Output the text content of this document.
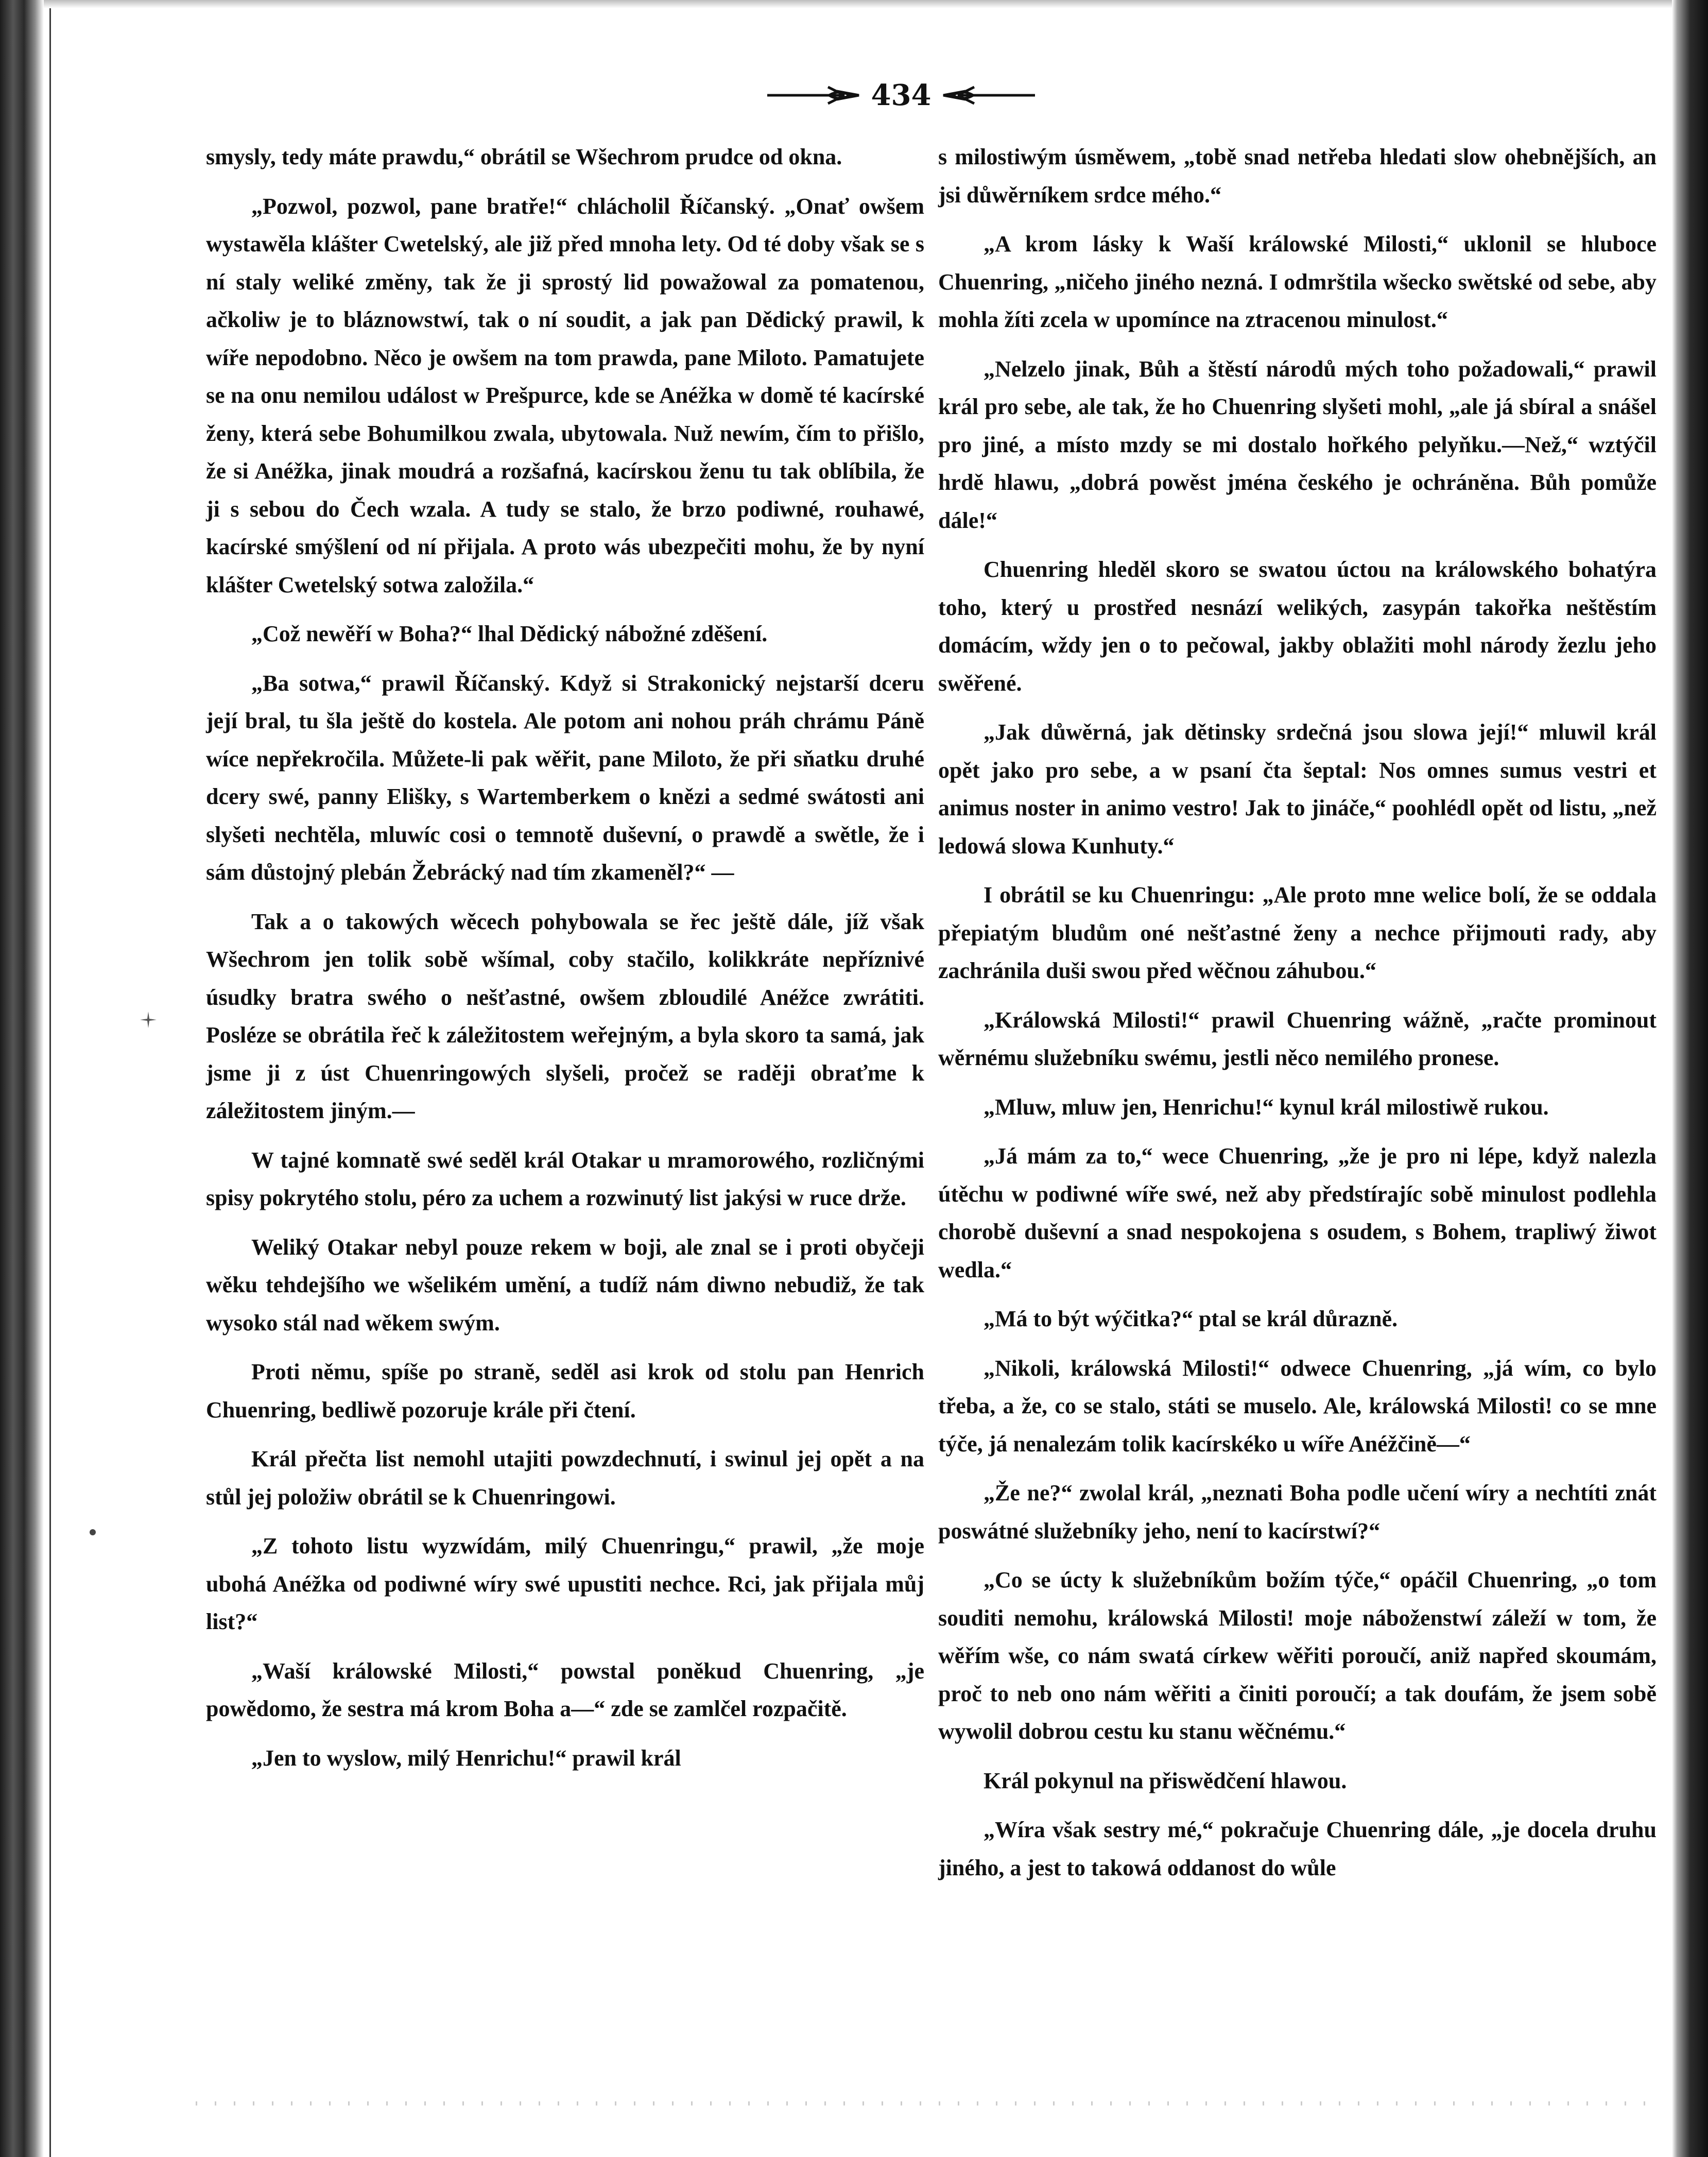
434

smysly, tedy máte prawdu,“ obrátil se Wšechrom prudce od okna.

„Pozwol, pozwol, pane bratře!“ chlácholil Říčanský. „Onať owšem wystawěla klášter Cwetelský, ale již před mnoha lety. Od té doby však se s ní staly weliké změny, tak že ji sprostý lid powažowal za pomatenou, ačkoliw je to bláznowstwí, tak o ní soudit, a jak pan Dědický prawil, k wíře nepodobno. Něco je owšem na tom prawda, pane Miloto. Pamatujete se na onu nemilou událost w Prešpurce, kde se Anéžka w domě té kacírské ženy, která sebe Bohumilkou zwala, ubytowala. Nuž newím, čím to přišlo, že si Anéžka, jinak moudrá a rozšafná, kacírskou ženu tu tak oblíbila, že ji s sebou do Čech wzala. A tudy se stalo, že brzo podiwné, rouhawé, kacírské smýšlení od ní přijala. A proto wás ubezpečiti mohu, že by nyní klášter Cwetelský sotwa založila.“

„Což newěří w Boha?“ lhal Dědický nábožné zděšení.

„Ba sotwa,“ prawil Říčanský. Když si Strakonický nejstarší dceru její bral, tu šla ještě do kostela. Ale potom ani nohou práh chrámu Páně wíce nepřekročila. Můžete-li pak wěřit, pane Miloto, že při sňatku druhé dcery swé, panny Elišky, s Wartemberkem o knězi a sedmé swátosti ani slyšeti nechtěla, mluwíc cosi o temnotě duševní, o prawdě a swětle, že i sám důstojný plebán Žebrácký nad tím zkameněl?“ —

Tak a o takowých wěcech pohybowala se řec ještě dále, jíž však Wšechrom jen tolik sobě wšímal, coby stačilo, kolikkráte nepříznivé úsudky bratra swého o nešťastné, owšem zbloudilé Anéžce zwrátiti. Posléze se obrátila řeč k záležitostem weřejným, a byla skoro ta samá, jak jsme ji z úst Chuenringowých slyšeli, pročež se raději obraťme k záležitostem jiným.—

W tajné komnatě swé seděl král Otakar u mramorowého, rozličnými spisy pokrytého stolu, péro za uchem a rozwinutý list jakýsi w ruce drže.

Weliký Otakar nebyl pouze rekem w boji, ale znal se i proti obyčeji wěku tehdejšího we wšelikém umění, a tudíž nám diwno nebudiž, že tak wysoko stál nad wěkem swým.

Proti němu, spíše po straně, seděl asi krok od stolu pan Henrich Chuenring, bedliwě pozoruje krále při čtení.

Král přečta list nemohl utajiti powzdechnutí, i swinul jej opět a na stůl jej položiw obrátil se k Chuenringowi.

„Z tohoto listu wyzwídám, milý Chuenringu,“ prawil, „že moje ubohá Anéžka od podiwné wíry swé upustiti nechce. Rci, jak přijala můj list?“

„Waší králowské Milosti,“ powstal poněkud Chuenring, „je powědomo, že sestra má krom Boha a—“ zde se zamlčel rozpačitě.

„Jen to wyslow, milý Henrichu!“ prawil král

s milostiwým úsměwem, „tobě snad netřeba hledati slow ohebnějších, an jsi důwěrníkem srdce mého.“

„A krom lásky k Waší králowské Milosti,“ uklonil se hluboce Chuenring, „ničeho jiného nezná. I odmrštila wšecko swětské od sebe, aby mohla žíti zcela w upomínce na ztracenou minulost.“

„Nelzelo jinak, Bůh a štěstí národů mých toho požadowali,“ prawil král pro sebe, ale tak, že ho Chuenring slyšeti mohl, „ale já sbíral a snášel pro jiné, a místo mzdy se mi dostalo hořkého pelyňku.—Než,“ wztýčil hrdě hlawu, „dobrá powěst jména českého je ochráněna. Bůh pomůže dále!“

Chuenring hleděl skoro se swatou úctou na králowského bohatýra toho, který u prostřed nesnází welikých, zasypán takořka neštěstím domácím, wždy jen o to pečowal, jakby oblažiti mohl národy žezlu jeho swěřené.

„Jak důwěrná, jak dětinsky srdečná jsou slowa její!“ mluwil král opět jako pro sebe, a w psaní čta šeptal: Nos omnes sumus vestri et animus noster in animo vestro! Jak to jináče,“ poohlédl opět od listu, „než ledowá slowa Kunhuty.“

I obrátil se ku Chuenringu: „Ale proto mne welice bolí, že se oddala přepiatým bludům oné nešťastné ženy a nechce přijmouti rady, aby zachránila duši swou před wěčnou záhubou.“

„Králowská Milosti!“ prawil Chuenring wážně, „račte prominout wěrnému služebníku swému, jestli něco nemilého pronese.

„Mluw, mluw jen, Henrichu!“ kynul král milostiwě rukou.

„Já mám za to,“ wece Chuenring, „že je pro ni lépe, když nalezla útěchu w podiwné wíře swé, než aby předstírajíc sobě minulost podlehla chorobě duševní a snad nespokojena s osudem, s Bohem, trapliwý žiwot wedla.“

„Má to být wýčitka?“ ptal se král důrazně.

„Nikoli, králowská Milosti!“ odwece Chuenring, „já wím, co bylo třeba, a že, co se stalo, státi se muselo. Ale, králowská Milosti! co se mne týče, já nenalezám tolik kacírskéko u wíře Anéžčině—“

„Že ne?“ zwolal král, „neznati Boha podle učení wíry a nechtíti znát poswátné služebníky jeho, není to kacírstwí?“

„Co se úcty k služebníkům božím týče,“ opáčil Chuenring, „o tom souditi nemohu, králowská Milosti! moje náboženstwí záleží w tom, že wěřím wše, co nám swatá církew wěřiti poroučí, aniž napřed skoumám, proč to neb ono nám wěřiti a činiti poroučí; a tak doufám, že jsem sobě wywolil dobrou cestu ku stanu wěčnému.“

Král pokynul na přiswědčení hlawou.

„Wíra však sestry mé,“ pokračuje Chuenring dále, „je docela druhu jiného, a jest to takowá oddanost do wůle
